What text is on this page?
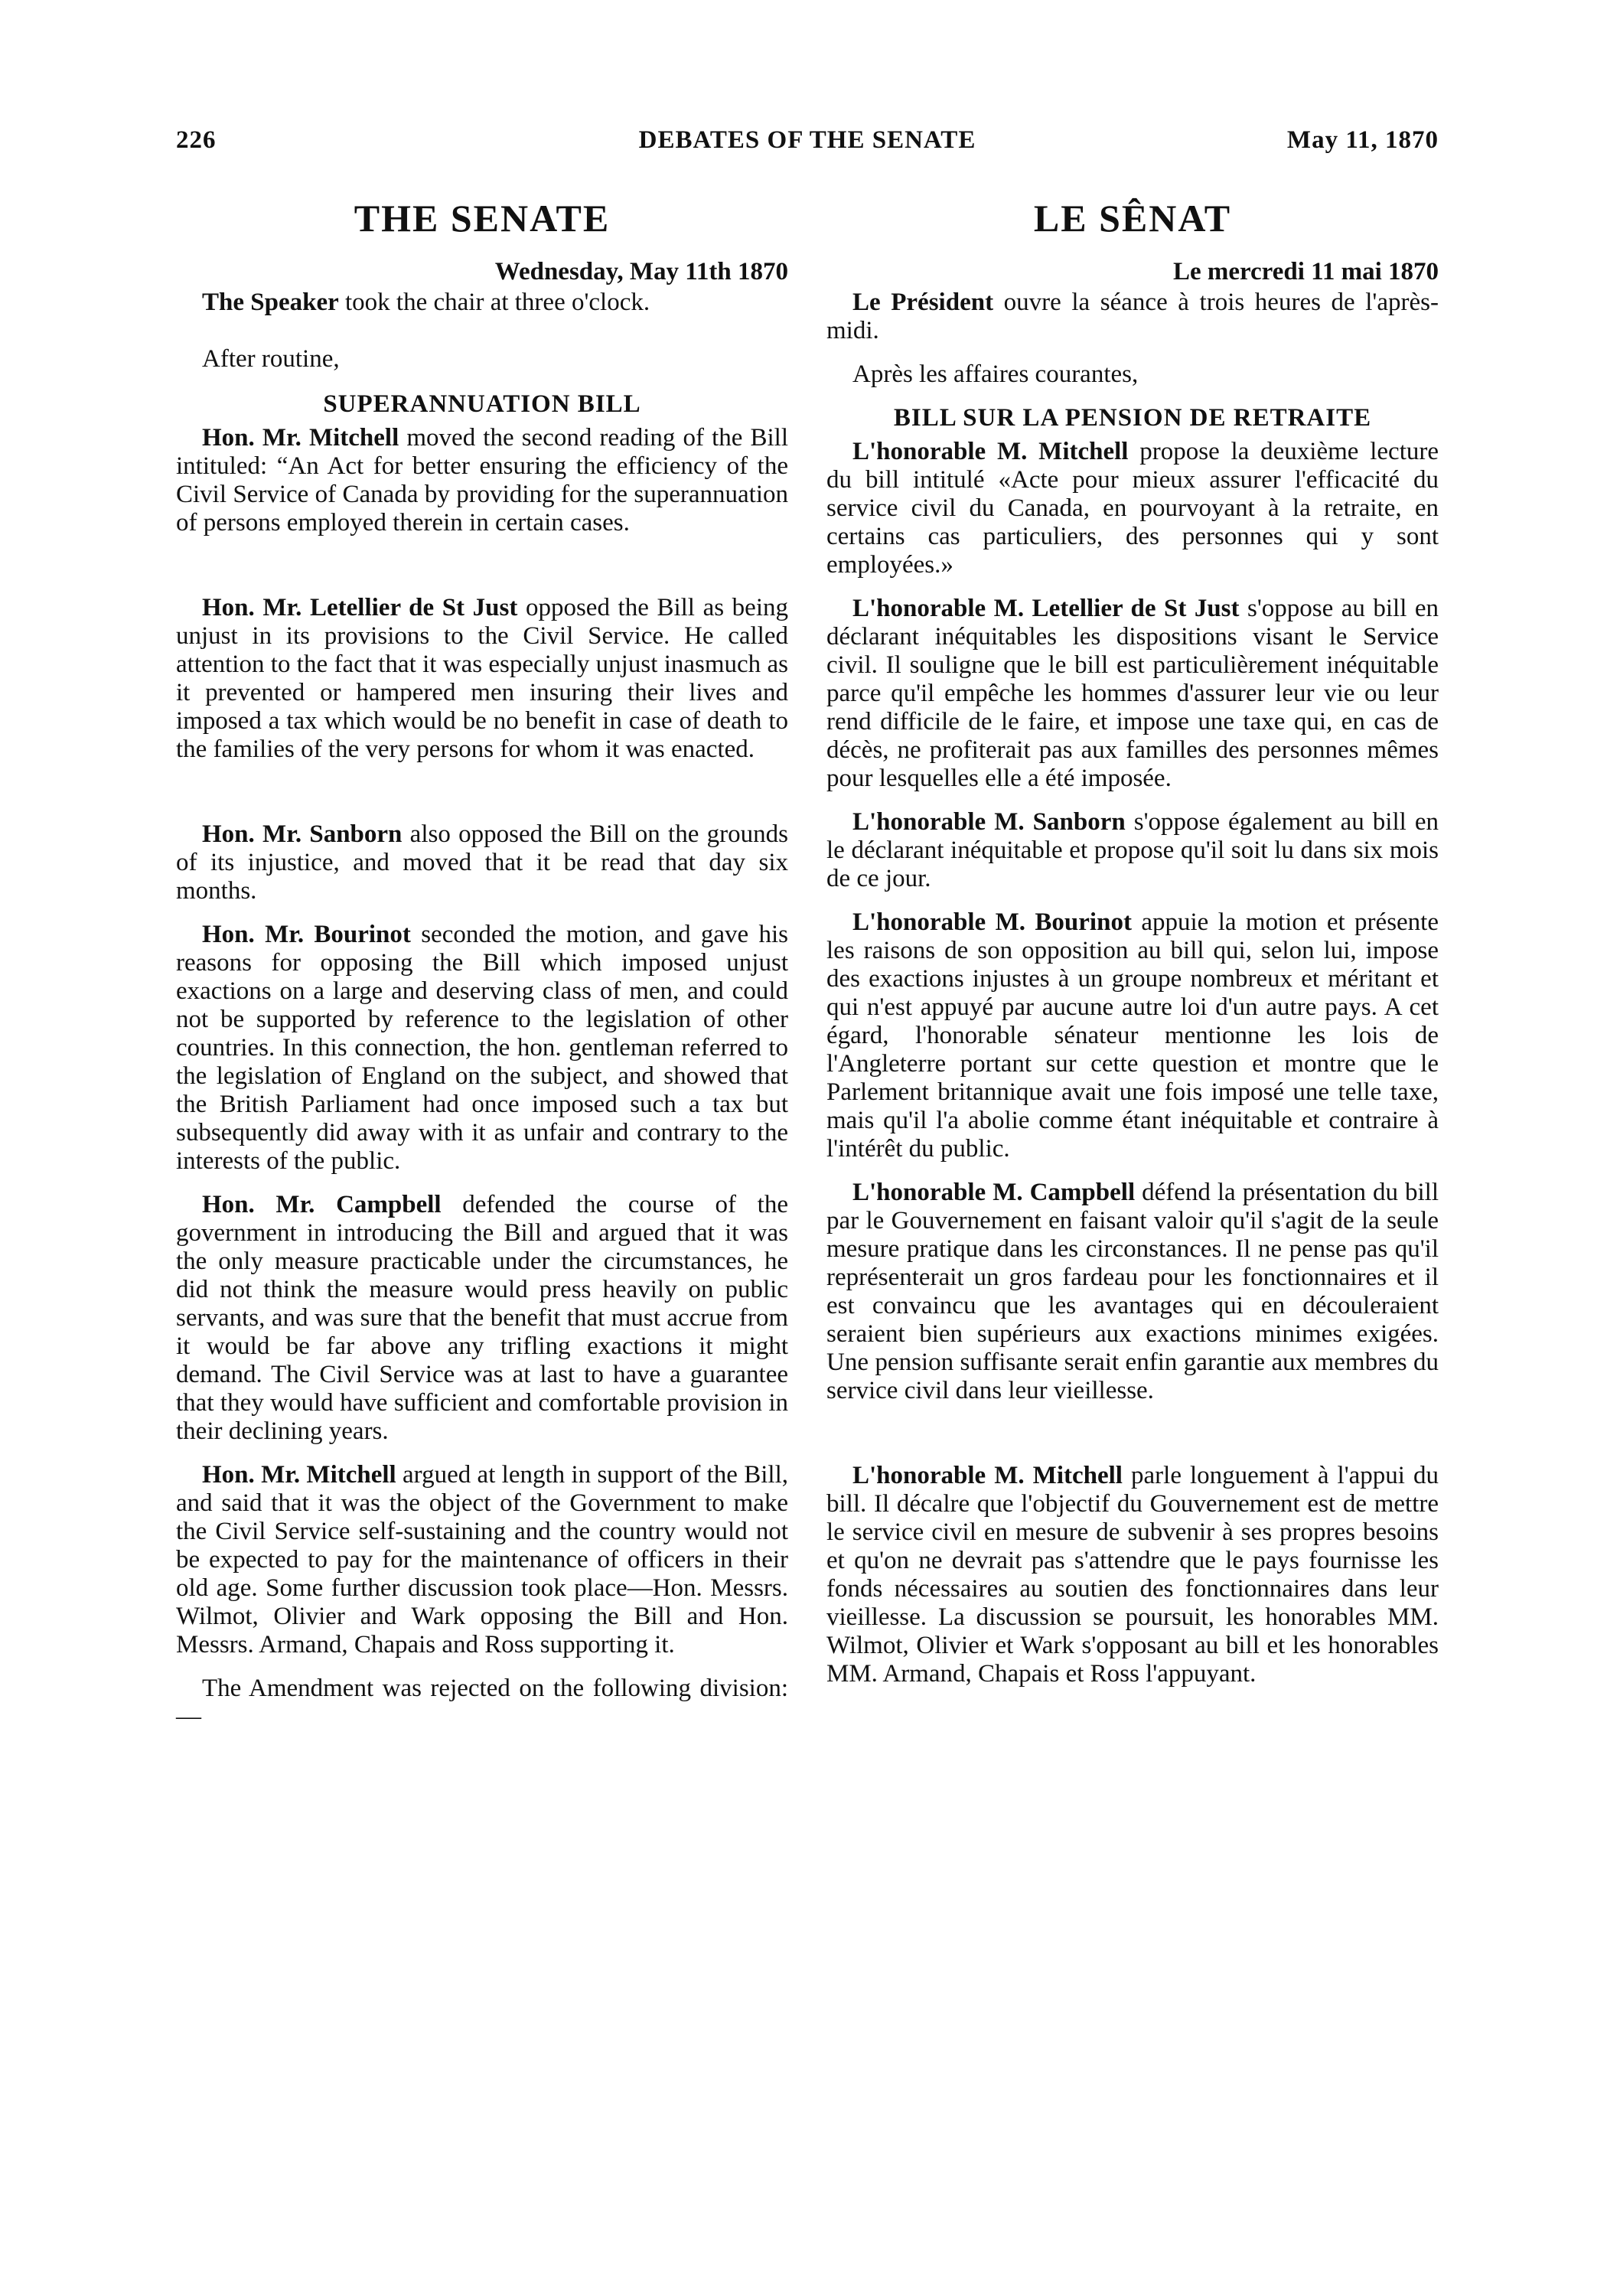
226	DEBATES OF THE SENATE	May 11, 1870
THE SENATE
Wednesday, May 11th 1870

The Speaker took the chair at three o'clock.

After routine,

SUPERANNUATION BILL

Hon. Mr. Mitchell moved the second reading of the Bill intituled: “An Act for better ensuring the efficiency of the Civil Service of Canada by providing for the superannuation of persons employed therein in certain cases.

Hon. Mr. Letellier de St Just opposed the Bill as being unjust in its provisions to the Civil Service. He called attention to the fact that it was especially unjust inasmuch as it prevented or hampered men insuring their lives and imposed a tax which would be no benefit in case of death to the families of the very persons for whom it was enacted.

Hon. Mr. Sanborn also opposed the Bill on the grounds of its injustice, and moved that it be read that day six months.

Hon. Mr. Bourinot seconded the motion, and gave his reasons for opposing the Bill which imposed unjust exactions on a large and deserving class of men, and could not be supported by reference to the legislation of other countries. In this connection, the hon. gentleman referred to the legislation of England on the subject, and showed that the British Parliament had once imposed such a tax but subsequently did away with it as unfair and contrary to the interests of the public.

Hon. Mr. Campbell defended the course of the government in introducing the Bill and argued that it was the only measure practicable under the circumstances, he did not think the measure would press heavily on public servants, and was sure that the benefit that must accrue from it would be far above any trifling exactions it might demand. The Civil Service was at last to have a guarantee that they would have sufficient and comfortable provision in their declining years.

Hon. Mr. Mitchell argued at length in support of the Bill, and said that it was the object of the Government to make the Civil Service self-sustaining and the country would not be expected to pay for the maintenance of officers in their old age. Some further discussion took place—Hon. Messrs. Wilmot, Olivier and Wark opposing the Bill and Hon. Messrs. Armand, Chapais and Ross supporting it.

The Amendment was rejected on the following division:—

LE SÊNAT
Le mercredi 11 mai 1870

Le Président ouvre la séance à trois heures de l'après-midi.

Après les affaires courantes,

BILL SUR LA PENSION DE RETRAITE

L'honorable M. Mitchell propose la deuxième lecture du bill intitulé «Acte pour mieux assurer l'efficacité du service civil du Canada, en pourvoyant à la retraite, en certains cas particuliers, des personnes qui y sont employées.»

L'honorable M. Letellier de St Just s'oppose au bill en déclarant inéquitables les dispositions visant le Service civil. Il souligne que le bill est particulièrement inéquitable parce qu'il empêche les hommes d'assurer leur vie ou leur rend difficile de le faire, et impose une taxe qui, en cas de décès, ne profiterait pas aux familles des personnes mêmes pour lesquelles elle a été imposée.

L'honorable M. Sanborn s'oppose également au bill en le déclarant inéquitable et propose qu'il soit lu dans six mois de ce jour.

L'honorable M. Bourinot appuie la motion et présente les raisons de son opposition au bill qui, selon lui, impose des exactions injustes à un groupe nombreux et méritant et qui n'est appuyé par aucune autre loi d'un autre pays. A cet égard, l'honorable sénateur mentionne les lois de l'Angleterre portant sur cette question et montre que le Parlement britannique avait une fois imposé une telle taxe, mais qu'il l'a abolie comme étant inéquitable et contraire à l'intérêt du public.

L'honorable M. Campbell défend la présentation du bill par le Gouvernement en faisant valoir qu'il s'agit de la seule mesure pratique dans les circonstances. Il ne pense pas qu'il représenterait un gros fardeau pour les fonctionnaires et il est convaincu que les avantages qui en découleraient seraient bien supérieurs aux exactions minimes exigées. Une pension suffisante serait enfin garantie aux membres du service civil dans leur vieillesse.

L'honorable M. Mitchell parle longuement à l'appui du bill. Il décalre que l'objectif du Gouvernement est de mettre le service civil en mesure de subvenir à ses propres besoins et qu'on ne devrait pas s'attendre que le pays fournisse les fonds nécessaires au soutien des fonctionnaires dans leur vieillesse. La discussion se poursuit, les honorables MM. Wilmot, Olivier et Wark s'opposant au bill et les honorables MM. Armand, Chapais et Ross l'appuyant.
